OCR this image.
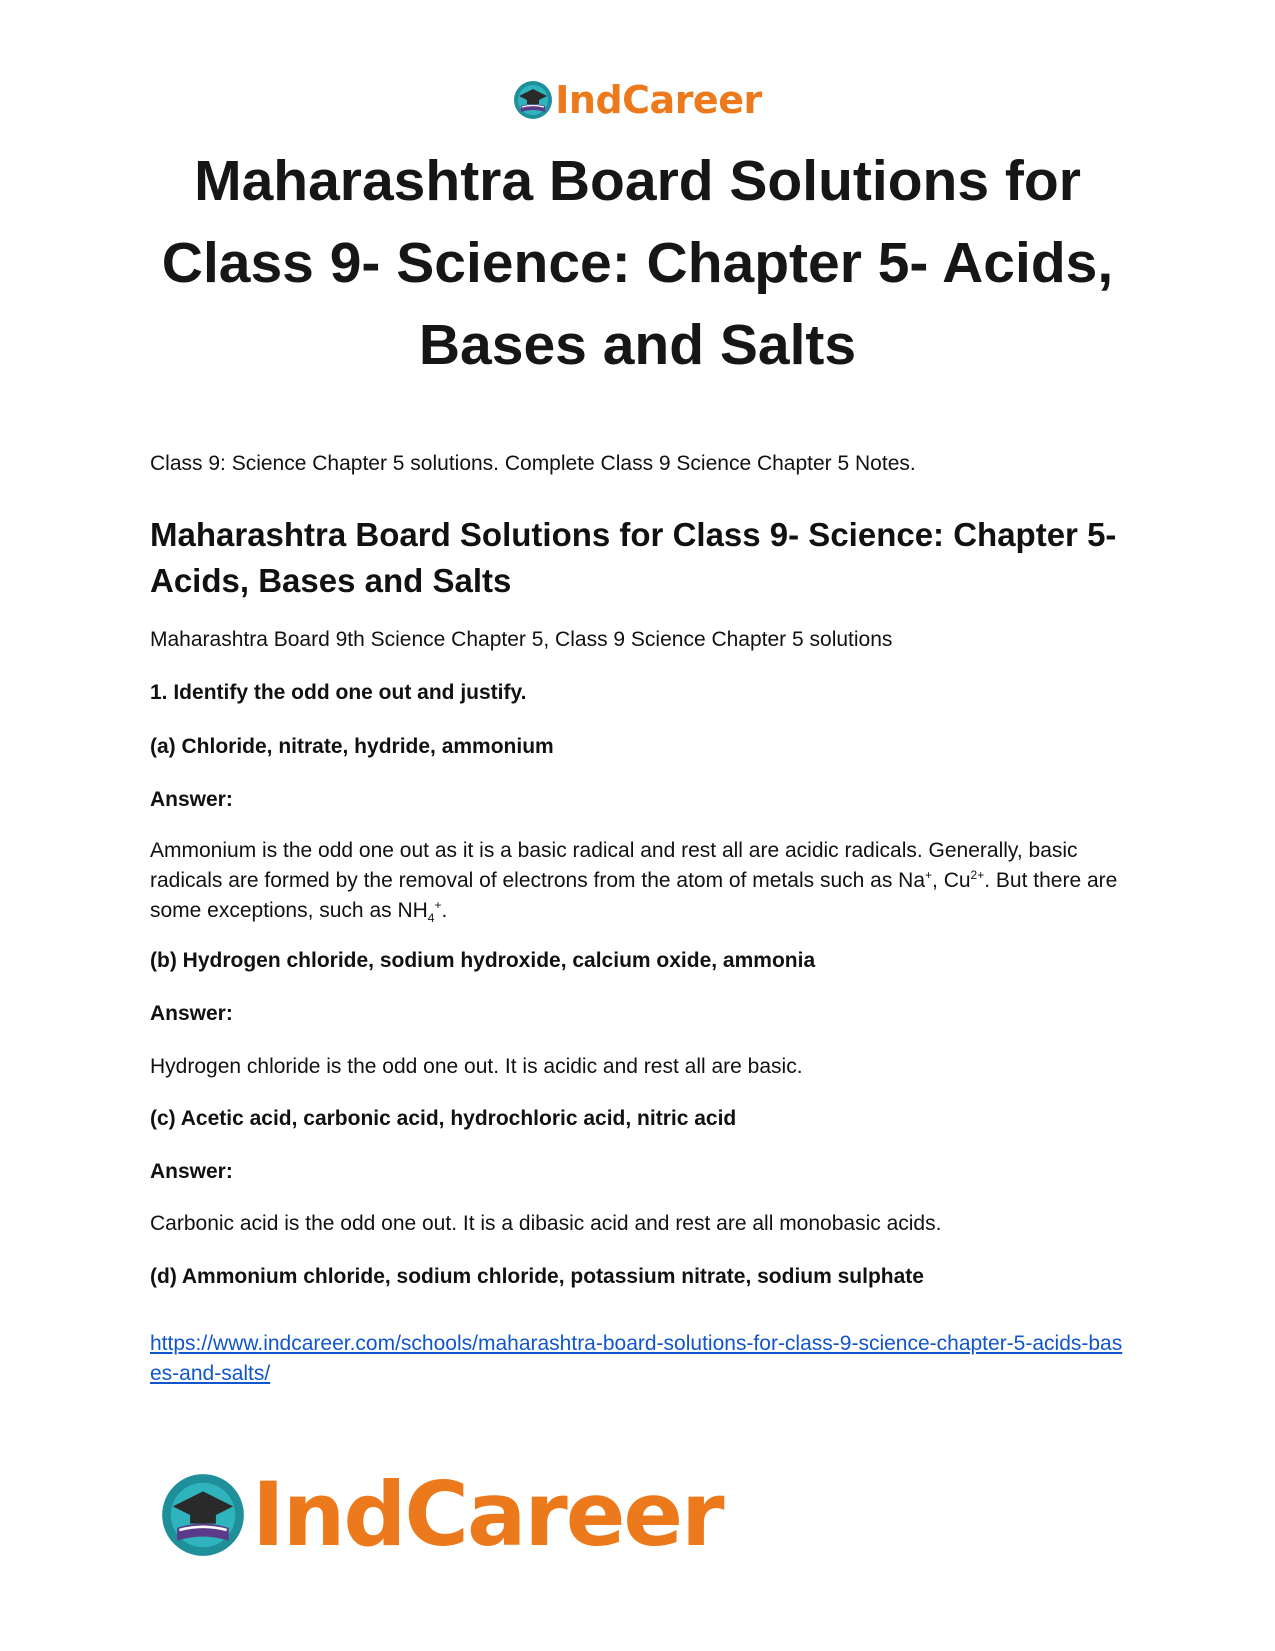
IndCareer
Maharashtra Board Solutions for Class 9- Science: Chapter 5- Acids, Bases and Salts

Class 9: Science Chapter 5 solutions. Complete Class 9 Science Chapter 5 Notes.

Maharashtra Board Solutions for Class 9- Science: Chapter 5- Acids, Bases and Salts

Maharashtra Board 9th Science Chapter 5, Class 9 Science Chapter 5 solutions

1. Identify the odd one out and justify.

(a) Chloride, nitrate, hydride, ammonium

Answer:

Ammonium is the odd one out as it is a basic radical and rest all are acidic radicals. Generally, basic radicals are formed by the removal of electrons from the atom of metals such as Na+, $Cu^{2+}$. But there are some exceptions, such as $NH_4^+$.

(b) Hydrogen chloride, sodium hydroxide, calcium oxide, ammonia

Answer:

Hydrogen chloride is the odd one out. It is acidic and rest all are basic.

(c) Acetic acid, carbonic acid, hydrochloric acid, nitric acid

Answer:

Carbonic acid is the odd one out. It is a dibasic acid and rest are all monobasic acids.

(d) Ammonium chloride, sodium chloride, potassium nitrate, sodium sulphate

https://www.indcareer.com/schools/maharashtra-board-solutions-for-class-9-science-chapter-5-acids-bases-and-salts/
IndCareer
